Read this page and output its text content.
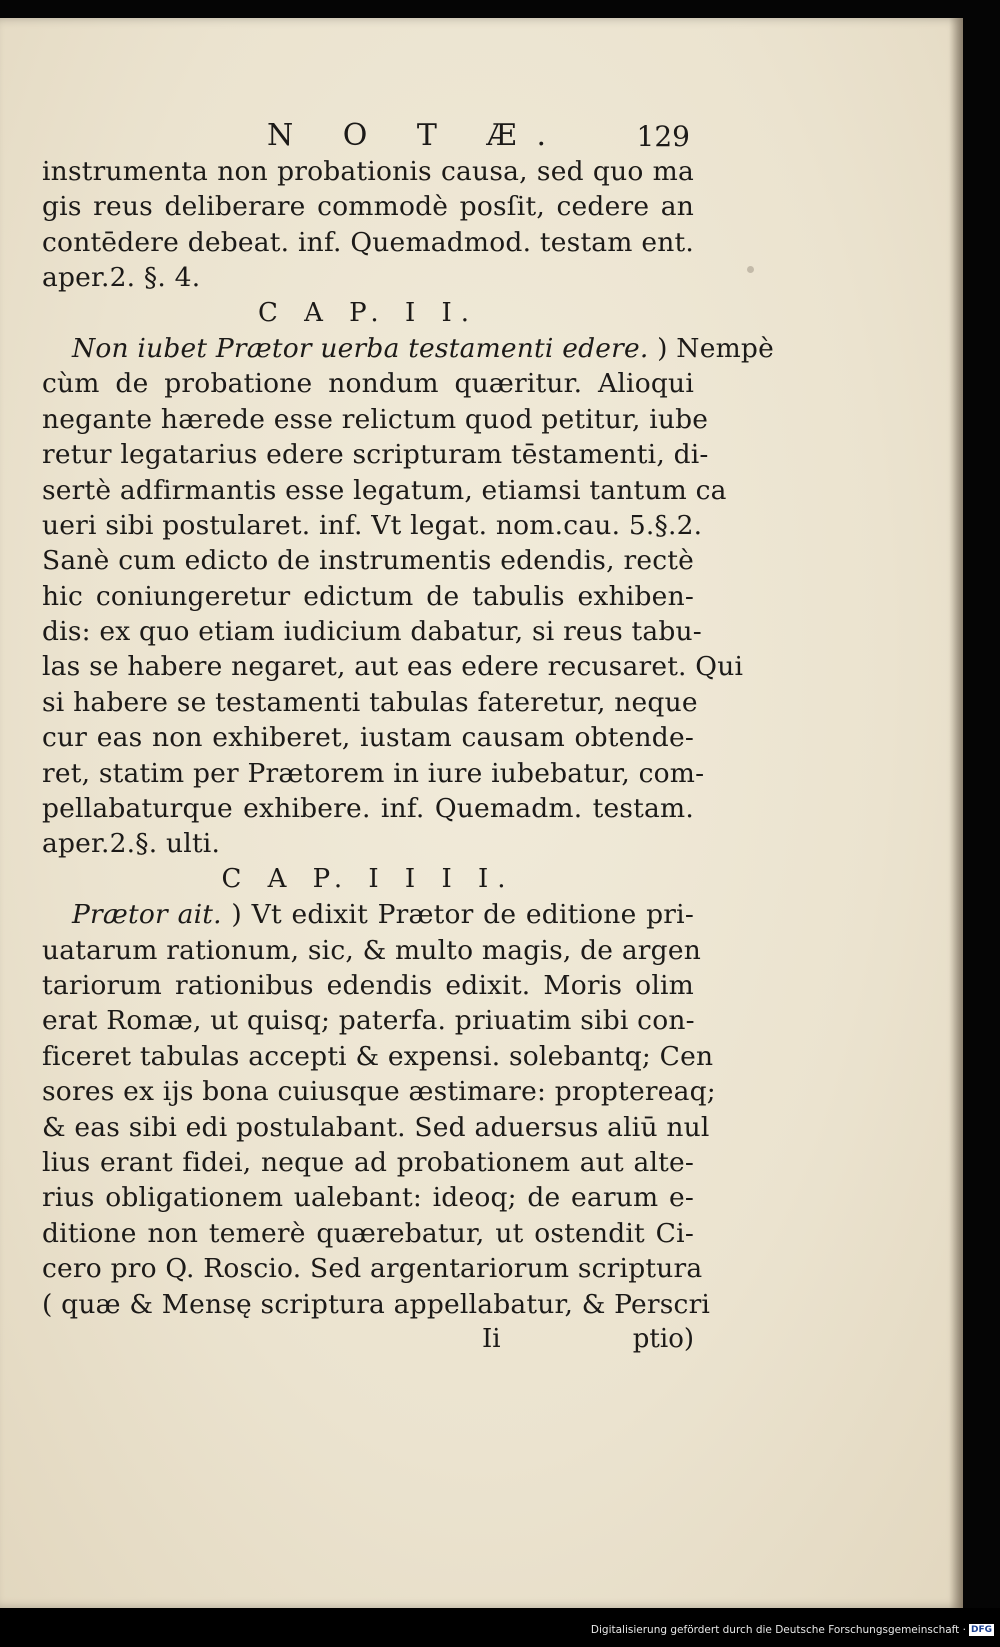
N O T Æ.	129
instrumenta non probationis causa, sed quo ma
gis reus deliberare commodè posſit, cedere an
contēdere debeat. inf. Quemadmod. testam ent.
aper.2. §. 4.
C A P. I I.
Non iubet Prætor uerba testamenti edere. ) Nempè
cùm de probatione nondum quæritur. Alioqui
negante hærede esse relictum quod petitur, iube
retur legatarius edere scripturam tēstamenti, di-
sertè adfirmantis esse legatum, etiamsi tantum ca
ueri sibi postularet. inf. Vt legat. nom.cau. 5.§.2.
Sanè cum edicto de instrumentis edendis, rectè
hic coniungeretur edictum de tabulis exhiben-
dis: ex quo etiam iudicium dabatur, si reus tabu-
las se habere negaret, aut eas edere recusaret. Qui
si habere se testamenti tabulas fateretur, neque
cur eas non exhiberet, iustam causam obtende-
ret, statim per Prætorem in iure iubebatur, com-
pellabaturque exhibere. inf. Quemadm. testam.
aper.2.§. ulti.
C A P. I I I I.
Prætor ait. ) Vt edixit Prætor de editione pri-
uatarum rationum, sic, & multo magis, de argen
tariorum rationibus edendis edixit. Moris olim
erat Romæ, ut quisq; paterfa. priuatim sibi con-
ficeret tabulas accepti & expensi. solebantq; Cen
sores ex ijs bona cuiusque æstimare: proptereaq;
& eas sibi edi postulabant. Sed aduersus aliū nul
lius erant fidei, neque ad probationem aut alte-
rius obligationem ualebant: ideoq; de earum e-
ditione non temerè quærebatur, ut ostendit Ci-
cero pro Q. Roscio. Sed argentariorum scriptura
( quæ & Mensę scriptura appellabatur, & Perscri
Ii	ptio)
Digitalisierung gefördert durch die Deutsche Forschungsgemeinschaft · DFG
